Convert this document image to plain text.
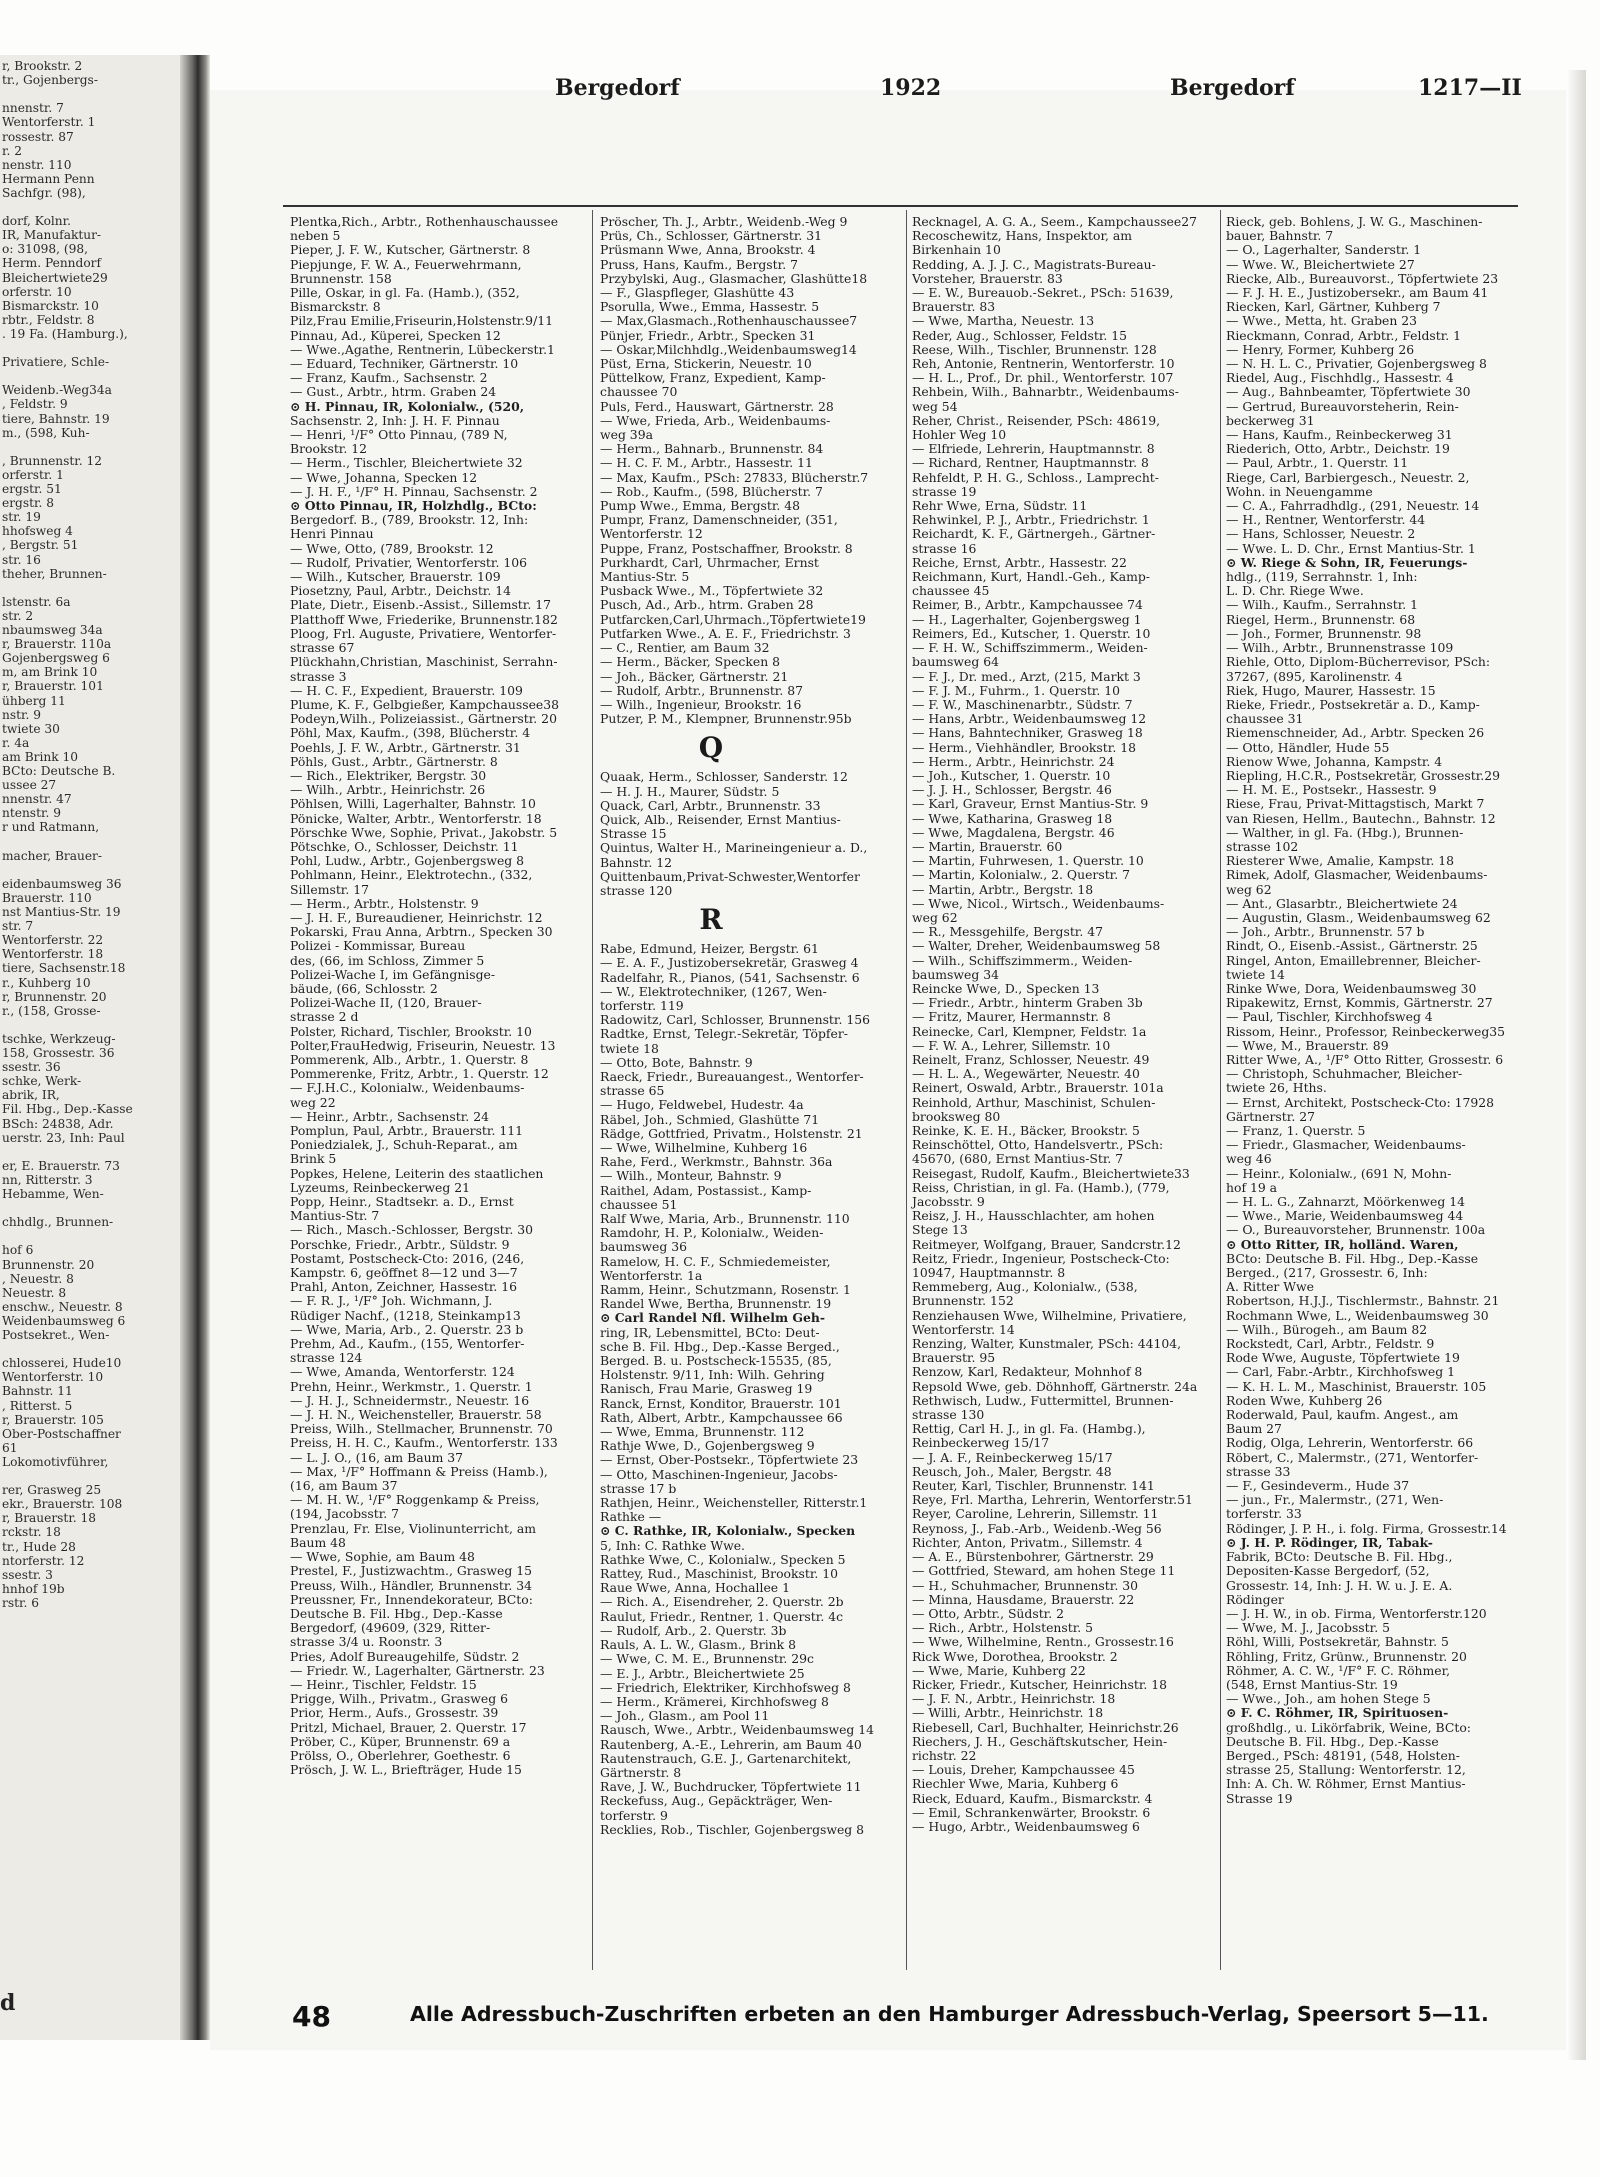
r, Brookstr. 2
tr., Gojenbergs-
nnenstr. 7
Wentorferstr. 1
rossestr. 87
r. 2
nenstr. 110
Hermann Penn
Sachfgr. (98),
dorf, Kolnr.
IR, Manufaktur-
o: 31098, (98,
Herm. Penndorf
Bleichertwiete29
orferstr. 10
Bismarckstr. 10
rbtr., Feldstr. 8
. 19 Fa. (Hamburg.),
Privatiere, Schle-
Weidenb.-Weg34a
, Feldstr. 9
tiere, Bahnstr. 19
m., (598, Kuh-
, Brunnenstr. 12
orferstr. 1
ergstr. 51
ergstr. 8
str. 19
hhofsweg 4
, Bergstr. 51
str. 16
theher, Brunnen-
lstenstr. 6a
str. 2
nbaumsweg 34a
r, Brauerstr. 110a
Gojenbergsweg 6
m, am Brink 10
r, Brauerstr. 101
ühberg 11
nstr. 9
twiete 30
r. 4a
am Brink 10
BCto: Deutsche B.
ussee 27
nnenstr. 47
ntenstr. 9
r und Ratmann,
macher, Brauer-
eidenbaumsweg 36
Brauerstr. 110
nst Mantius-Str. 19
str. 7
Wentorferstr. 22
Wentorferstr. 18
tiere, Sachsenstr.18
r., Kuhberg 10
r, Brunnenstr. 20
r., (158, Grosse-
tschke, Werkzeug-
158, Grossestr. 36
ssestr. 36
schke, Werk-
abrik, IR,
Fil. Hbg., Dep.-Kasse
BSch: 24838, Adr.
uerstr. 23, Inh: Paul
er, E. Brauerstr. 73
nn, Ritterstr. 3
Hebamme, Wen-
chhdlg., Brunnen-
hof 6
Brunnenstr. 20
, Neuestr. 8
Neuestr. 8
enschw., Neuestr. 8
Weidenbaumsweg 6
Postsekret., Wen-
chlosserei, Hude10
Wentorferstr. 10
Bahnstr. 11
, Ritterst. 5
r, Brauerstr. 105
Ober-Postschaffner
61
Lokomotivführer,
rer, Grasweg 25
ekr., Brauerstr. 108
r, Brauerstr. 18
rckstr. 18
tr., Hude 28
ntorferstr. 12
ssestr. 3
hnhof 19b
rstr. 6
Bergedorf	1922	Bergedorf	1217—II
Plentka,Rich., Arbtr., Rothenhauschaussee
neben 5
Pieper, J. F. W., Kutscher, Gärtnerstr. 8
Piepjunge, F. W. A., Feuerwehrmann,
Brunnenstr. 158
Pille, Oskar, in gl. Fa. (Hamb.), (352,
Bismarckstr. 8
Pilz,Frau Emilie,Friseurin,Holstenstr.9/11
Pinnau, Ad., Küperei, Specken 12
— Wwe.,Agathe, Rentnerin, Lübeckerstr.1
— Eduard, Techniker, Gärtnerstr. 10
— Franz, Kaufm., Sachsenstr. 2
— Gust., Arbtr., htrm. Graben 24
⊙ H. Pinnau, IR, Kolonialw., (520,
Sachsenstr. 2, Inh: J. H. F. Pinnau
— Henri, ¹/F° Otto Pinnau, (789 N,
Brookstr. 12
— Herm., Tischler, Bleichertwiete 32
— Wwe, Johanna, Specken 12
— J. H. F., ¹/F° H. Pinnau, Sachsenstr. 2
⊙ Otto Pinnau, IR, Holzhdlg., BCto:
Bergedorf. B., (789, Brookstr. 12, Inh:
Henri Pinnau
— Wwe, Otto, (789, Brookstr. 12
— Rudolf, Privatier, Wentorferstr. 106
— Wilh., Kutscher, Brauerstr. 109
Piosetzny, Paul, Arbtr., Deichstr. 14
Plate, Dietr., Eisenb.-Assist., Sillemstr. 17
Platthoff Wwe, Friederike, Brunnenstr.182
Ploog, Frl. Auguste, Privatiere, Wentorfer-
strasse 67
Plückhahn,Christian, Maschinist, Serrahn-
strasse 3
— H. C. F., Expedient, Brauerstr. 109
Plume, K. F., Gelbgießer, Kampchaussee38
Podeyn,Wilh., Polizeiassist., Gärtnerstr. 20
Pöhl, Max, Kaufm., (398, Blücherstr. 4
Poehls, J. F. W., Arbtr., Gärtnerstr. 31
Pöhls, Gust., Arbtr., Gärtnerstr. 8
— Rich., Elektriker, Bergstr. 30
— Wilh., Arbtr., Heinrichstr. 26
Pöhlsen, Willi, Lagerhalter, Bahnstr. 10
Pönicke, Walter, Arbtr., Wentorferstr. 18
Pörschke Wwe, Sophie, Privat., Jakobstr. 5
Pötschke, O., Schlosser, Deichstr. 11
Pohl, Ludw., Arbtr., Gojenbergsweg 8
Pohlmann, Heinr., Elektrotechn., (332,
Sillemstr. 17
— Herm., Arbtr., Holstenstr. 9
— J. H. F., Bureaudiener, Heinrichstr. 12
Pokarski, Frau Anna, Arbtrn., Specken 30
Polizei - Kommissar, Bureau
des, (66, im Schloss, Zimmer 5
Polizei-Wache I, im Gefängnisge-
bäude, (66, Schlosstr. 2
Polizei-Wache II, (120, Brauer-
strasse 2 d
Polster, Richard, Tischler, Brookstr. 10
Polter,FrauHedwig, Friseurin, Neuestr. 13
Pommerenk, Alb., Arbtr., 1. Querstr. 8
Pommerenke, Fritz, Arbtr., 1. Querstr. 12
— F.J.H.C., Kolonialw., Weidenbaums-
weg 22
— Heinr., Arbtr., Sachsenstr. 24
Pomplun, Paul, Arbtr., Brauerstr. 111
Poniedzialek, J., Schuh-Reparat., am
Brink 5
Popkes, Helene, Leiterin des staatlichen
Lyzeums, Reinbeckerweg 21
Popp, Heinr., Stadtsekr. a. D., Ernst
Mantius-Str. 7
— Rich., Masch.-Schlosser, Bergstr. 30
Porschke, Friedr., Arbtr., Süldstr. 9
Postamt, Postscheck-Cto: 2016, (246,
Kampstr. 6, geöffnet 8—12 und 3—7
Prahl, Anton, Zeichner, Hassestr. 16
— F. R. J., ¹/F° Joh. Wichmann, J.
Rüdiger Nachf., (1218, Steinkamp13
— Wwe, Maria, Arb., 2. Querstr. 23 b
Prehm, Ad., Kaufm., (155, Wentorfer-
strasse 124
— Wwe, Amanda, Wentorferstr. 124
Prehn, Heinr., Werkmstr., 1. Querstr. 1
— J. H. J., Schneidermstr., Neuestr. 16
— J. H. N., Weichensteller, Brauerstr. 58
Preiss, Wilh., Stellmacher, Brunnenstr. 70
Preiss, H. H. C., Kaufm., Wentorferstr. 133
— L. J. O., (16, am Baum 37
— Max, ¹/F° Hoffmann & Preiss (Hamb.),
(16, am Baum 37
— M. H. W., ¹/F° Roggenkamp & Preiss,
(194, Jacobsstr. 7
Prenzlau, Fr. Else, Violinunterricht, am
Baum 48
— Wwe, Sophie, am Baum 48
Prestel, F., Justizwachtm., Grasweg 15
Preuss, Wilh., Händler, Brunnenstr. 34
Preussner, Fr., Innendekorateur, BCto:
Deutsche B. Fil. Hbg., Dep.-Kasse
Bergedorf, (49609, (329, Ritter-
strasse 3/4 u. Roonstr. 3
Pries, Adolf Bureaugehilfe, Südstr. 2
— Friedr. W., Lagerhalter, Gärtnerstr. 23
— Heinr., Tischler, Feldstr. 15
Prigge, Wilh., Privatm., Grasweg 6
Prior, Herm., Aufs., Grossestr. 39
Pritzl, Michael, Brauer, 2. Querstr. 17
Pröber, C., Küper, Brunnenstr. 69 a
Prölss, O., Oberlehrer, Goethestr. 6
Prösch, J. W. L., Briefträger, Hude 15
Pröscher, Th. J., Arbtr., Weidenb.-Weg 9
Prüs, Ch., Schlosser, Gärtnerstr. 31
Prüsmann Wwe, Anna, Brookstr. 4
Pruss, Hans, Kaufm., Bergstr. 7
Przybylski, Aug., Glasmacher, Glashütte18
— F., Glaspfleger, Glashütte 43
Psorulla, Wwe., Emma, Hassestr. 5
— Max,Glasmach.,Rothenhauschaussee7
Pünjer, Friedr., Arbtr., Specken 31
— Oskar,Milchhdlg.,Weidenbaumsweg14
Püst, Erna, Stickerin, Neuestr. 10
Püttelkow, Franz, Expedient, Kamp-
chaussee 70
Puls, Ferd., Hauswart, Gärtnerstr. 28
— Wwe, Frieda, Arb., Weidenbaums-
weg 39a
— Herm., Bahnarb., Brunnenstr. 84
— H. C. F. M., Arbtr., Hassestr. 11
— Max, Kaufm., PSch: 27833, Blücherstr.7
— Rob., Kaufm., (598, Blücherstr. 7
Pump Wwe., Emma, Bergstr. 48
Pumpr, Franz, Damenschneider, (351,
Wentorferstr. 12
Puppe, Franz, Postschaffner, Brookstr. 8
Purkhardt, Carl, Uhrmacher, Ernst
Mantius-Str. 5
Pusback Wwe., M., Töpfertwiete 32
Pusch, Ad., Arb., htrm. Graben 28
Putfarcken,Carl,Uhrmach.,Töpfertwiete19
Putfarken Wwe., A. E. F., Friedrichstr. 3
— C., Rentier, am Baum 32
— Herm., Bäcker, Specken 8
— Joh., Bäcker, Gärtnerstr. 21
— Rudolf, Arbtr., Brunnenstr. 87
— Wilh., Ingenieur, Brookstr. 16
Putzer, P. M., Klempner, Brunnenstr.95b
Q
Quaak, Herm., Schlosser, Sanderstr. 12
— H. J. H., Maurer, Südstr. 5
Quack, Carl, Arbtr., Brunnenstr. 33
Quick, Alb., Reisender, Ernst Mantius-
Strasse 15
Quintus, Walter H., Marineingenieur a. D.,
Bahnstr. 12
Quittenbaum,Privat-Schwester,Wentorfer
strasse 120
R
Rabe, Edmund, Heizer, Bergstr. 61
— E. A. F., Justizobersekretär, Grasweg 4
Radelfahr, R., Pianos, (541, Sachsenstr. 6
— W., Elektrotechniker, (1267, Wen-
torferstr. 119
Radowitz, Carl, Schlosser, Brunnenstr. 156
Radtke, Ernst, Telegr.-Sekretär, Töpfer-
twiete 18
— Otto, Bote, Bahnstr. 9
Raeck, Friedr., Bureauangest., Wentorfer-
strasse 65
— Hugo, Feldwebel, Hudestr. 4a
Räbel, Joh., Schmied, Glashütte 71
Rädge, Gottfried, Privatm., Holstenstr. 21
— Wwe, Wilhelmine, Kuhberg 16
Rahe, Ferd., Werkmstr., Bahnstr. 36a
— Wilh., Monteur, Bahnstr. 9
Raithel, Adam, Postassist., Kamp-
chaussee 51
Ralf Wwe, Maria, Arb., Brunnenstr. 110
Ramdohr, H. P., Kolonialw., Weiden-
baumsweg 36
Ramelow, H. C. F., Schmiedemeister,
Wentorferstr. 1a
Ramm, Heinr., Schutzmann, Rosenstr. 1
Randel Wwe, Bertha, Brunnenstr. 19
⊙ Carl Randel Nfl. Wilhelm Geh-
ring, IR, Lebensmittel, BCto: Deut-
sche B. Fil. Hbg., Dep.-Kasse Berged.,
Berged. B. u. Postscheck-15535, (85,
Holstenstr. 9/11, Inh: Wilh. Gehring
Ranisch, Frau Marie, Grasweg 19
Ranck, Ernst, Konditor, Brauerstr. 101
Rath, Albert, Arbtr., Kampchaussee 66
— Wwe, Emma, Brunnenstr. 112
Rathje Wwe, D., Gojenbergsweg 9
— Ernst, Ober-Postsekr., Töpfertwiete 23
— Otto, Maschinen-Ingenieur, Jacobs-
strasse 17 b
Rathjen, Heinr., Weichensteller, Ritterstr.1
Rathke —
⊙ C. Rathke, IR, Kolonialw., Specken
5, Inh: C. Rathke Wwe.
Rathke Wwe, C., Kolonialw., Specken 5
Rattey, Rud., Maschinist, Brookstr. 10
Raue Wwe, Anna, Hochallee 1
— Rich. A., Eisendreher, 2. Querstr. 2b
Raulut, Friedr., Rentner, 1. Querstr. 4c
— Rudolf, Arb., 2. Querstr. 3b
Rauls, A. L. W., Glasm., Brink 8
— Wwe, C. M. E., Brunnenstr. 29c
— E. J., Arbtr., Bleichertwiete 25
— Friedrich, Elektriker, Kirchhofsweg 8
— Herm., Krämerei, Kirchhofsweg 8
— Joh., Glasm., am Pool 11
Rausch, Wwe., Arbtr., Weidenbaumsweg 14
Rautenberg, A.-E., Lehrerin, am Baum 40
Rautenstrauch, G.E. J., Gartenarchitekt,
Gärtnerstr. 8
Rave, J. W., Buchdrucker, Töpfertwiete 11
Reckefuss, Aug., Gepäckträger, Wen-
torferstr. 9
Recklies, Rob., Tischler, Gojenbergsweg 8
Recknagel, A. G. A., Seem., Kampchaussee27
Recoschewitz, Hans, Inspektor, am
Birkenhain 10
Redding, A. J. J. C., Magistrats-Bureau-
Vorsteher, Brauerstr. 83
— E. W., Bureauob.-Sekret., PSch: 51639,
Brauerstr. 83
— Wwe, Martha, Neuestr. 13
Reder, Aug., Schlosser, Feldstr. 15
Reese, Wilh., Tischler, Brunnenstr. 128
Reh, Antonie, Rentnerin, Wentorferstr. 10
— H. L., Prof., Dr. phil., Wentorferstr. 107
Rehbein, Wilh., Bahnarbtr., Weidenbaums-
weg 54
Reher, Christ., Reisender, PSch: 48619,
Hohler Weg 10
— Elfriede, Lehrerin, Hauptmannstr. 8
— Richard, Rentner, Hauptmannstr. 8
Rehfeldt, P. H. G., Schloss., Lamprecht-
strasse 19
Rehr Wwe, Erna, Südstr. 11
Rehwinkel, P. J., Arbtr., Friedrichstr. 1
Reichardt, K. F., Gärtnergeh., Gärtner-
strasse 16
Reiche, Ernst, Arbtr., Hassestr. 22
Reichmann, Kurt, Handl.-Geh., Kamp-
chaussee 45
Reimer, B., Arbtr., Kampchaussee 74
— H., Lagerhalter, Gojenbergsweg 1
Reimers, Ed., Kutscher, 1. Querstr. 10
— F. H. W., Schiffszimmerm., Weiden-
baumsweg 64
— F. J., Dr. med., Arzt, (215, Markt 3
— F. J. M., Fuhrm., 1. Querstr. 10
— F. W., Maschinenarbtr., Südstr. 7
— Hans, Arbtr., Weidenbaumsweg 12
— Hans, Bahntechniker, Grasweg 18
— Herm., Viehhändler, Brookstr. 18
— Herm., Arbtr., Heinrichstr. 24
— Joh., Kutscher, 1. Querstr. 10
— J. J. H., Schlosser, Bergstr. 46
— Karl, Graveur, Ernst Mantius-Str. 9
— Wwe, Katharina, Grasweg 18
— Wwe, Magdalena, Bergstr. 46
— Martin, Brauerstr. 60
— Martin, Fuhrwesen, 1. Querstr. 10
— Martin, Kolonialw., 2. Querstr. 7
— Martin, Arbtr., Bergstr. 18
— Wwe, Nicol., Wirtsch., Weidenbaums-
weg 62
— R., Messgehilfe, Bergstr. 47
— Walter, Dreher, Weidenbaumsweg 58
— Wilh., Schiffszimmerm., Weiden-
baumsweg 34
Reincke Wwe, D., Specken 13
— Friedr., Arbtr., hinterm Graben 3b
— Fritz, Maurer, Hermannstr. 8
Reinecke, Carl, Klempner, Feldstr. 1a
— F. W. A., Lehrer, Sillemstr. 10
Reinelt, Franz, Schlosser, Neuestr. 49
— H. L. A., Wegewärter, Neuestr. 40
Reinert, Oswald, Arbtr., Brauerstr. 101a
Reinhold, Arthur, Maschinist, Schulen-
brooksweg 80
Reinke, K. E. H., Bäcker, Brookstr. 5
Reinschöttel, Otto, Handelsvertr., PSch:
45670, (680, Ernst Mantius-Str. 7
Reisegast, Rudolf, Kaufm., Bleichertwiete33
Reiss, Christian, in gl. Fa. (Hamb.), (779,
Jacobsstr. 9
Reisz, J. H., Hausschlachter, am hohen
Stege 13
Reitmeyer, Wolfgang, Brauer, Sandcrstr.12
Reitz, Friedr., Ingenieur, Postscheck-Cto:
10947, Hauptmannstr. 8
Remmeberg, Aug., Kolonialw., (538,
Brunnenstr. 152
Renziehausen Wwe, Wilhelmine, Privatiere,
Wentorferstr. 14
Renzing, Walter, Kunstmaler, PSch: 44104,
Brauerstr. 95
Renzow, Karl, Redakteur, Mohnhof 8
Repsold Wwe, geb. Döhnhoff, Gärtnerstr. 24a
Rethwisch, Ludw., Futtermittel, Brunnen-
strasse 130
Rettig, Carl H. J., in gl. Fa. (Hambg.),
Reinbeckerweg 15/17
— J. A. F., Reinbeckerweg 15/17
Reusch, Joh., Maler, Bergstr. 48
Reuter, Karl, Tischler, Brunnenstr. 141
Reye, Frl. Martha, Lehrerin, Wentorferstr.51
Reyer, Caroline, Lehrerin, Sillemstr. 11
Reynoss, J., Fab.-Arb., Weidenb.-Weg 56
Richter, Anton, Privatm., Sillemstr. 4
— A. E., Bürstenbohrer, Gärtnerstr. 29
— Gottfried, Steward, am hohen Stege 11
— H., Schuhmacher, Brunnenstr. 30
— Minna, Hausdame, Brauerstr. 22
— Otto, Arbtr., Südstr. 2
— Rich., Arbtr., Holstenstr. 5
— Wwe, Wilhelmine, Rentn., Grossestr.16
Rick Wwe, Dorothea, Brookstr. 2
— Wwe, Marie, Kuhberg 22
Ricker, Friedr., Kutscher, Heinrichstr. 18
— J. F. N., Arbtr., Heinrichstr. 18
— Willi, Arbtr., Heinrichstr. 18
Riebesell, Carl, Buchhalter, Heinrichstr.26
Riechers, J. H., Geschäftskutscher, Hein-
richstr. 22
— Louis, Dreher, Kampchaussee 45
Riechler Wwe, Maria, Kuhberg 6
Rieck, Eduard, Kaufm., Bismarckstr. 4
— Emil, Schrankenwärter, Brookstr. 6
— Hugo, Arbtr., Weidenbaumsweg 6
Rieck, geb. Bohlens, J. W. G., Maschinen-
bauer, Bahnstr. 7
— O., Lagerhalter, Sanderstr. 1
— Wwe. W., Bleichertwiete 27
Riecke, Alb., Bureauvorst., Töpfertwiete 23
— F. J. H. E., Justizobersekr., am Baum 41
Riecken, Karl, Gärtner, Kuhberg 7
— Wwe., Metta, ht. Graben 23
Rieckmann, Conrad, Arbtr., Feldstr. 1
— Henry, Former, Kuhberg 26
— N. H. L. C., Privatier, Gojenbergsweg 8
Riedel, Aug., Fischhdlg., Hassestr. 4
— Aug., Bahnbeamter, Töpfertwiete 30
— Gertrud, Bureauvorsteherin, Rein-
beckerweg 31
— Hans, Kaufm., Reinbeckerweg 31
Riederich, Otto, Arbtr., Deichstr. 19
— Paul, Arbtr., 1. Querstr. 11
Riege, Carl, Barbiergesch., Neuestr. 2,
Wohn. in Neuengamme
— C. A., Fahrradhdlg., (291, Neuestr. 14
— H., Rentner, Wentorferstr. 44
— Hans, Schlosser, Neuestr. 2
— Wwe. L. D. Chr., Ernst Mantius-Str. 1
⊙ W. Riege & Sohn, IR, Feuerungs-
hdlg., (119, Serrahnstr. 1, Inh:
L. D. Chr. Riege Wwe.
— Wilh., Kaufm., Serrahnstr. 1
Riegel, Herm., Brunnenstr. 68
— Joh., Former, Brunnenstr. 98
— Wilh., Arbtr., Brunnenstrasse 109
Riehle, Otto, Diplom-Bücherrevisor, PSch:
37267, (895, Karolinenstr. 4
Riek, Hugo, Maurer, Hassestr. 15
Rieke, Friedr., Postsekretär a. D., Kamp-
chaussee 31
Riemenschneider, Ad., Arbtr. Specken 26
— Otto, Händler, Hude 55
Rienow Wwe, Johanna, Kampstr. 4
Riepling, H.C.R., Postsekretär, Grossestr.29
— H. M. E., Postsekr., Hassestr. 9
Riese, Frau, Privat-Mittagstisch, Markt 7
van Riesen, Hellm., Bautechn., Bahnstr. 12
— Walther, in gl. Fa. (Hbg.), Brunnen-
strasse 102
Riesterer Wwe, Amalie, Kampstr. 18
Rimek, Adolf, Glasmacher, Weidenbaums-
weg 62
— Ant., Glasarbtr., Bleichertwiete 24
— Augustin, Glasm., Weidenbaumsweg 62
— Joh., Arbtr., Brunnenstr. 57 b
Rindt, O., Eisenb.-Assist., Gärtnerstr. 25
Ringel, Anton, Emaillebrenner, Bleicher-
twiete 14
Rinke Wwe, Dora, Weidenbaumsweg 30
Ripakewitz, Ernst, Kommis, Gärtnerstr. 27
— Paul, Tischler, Kirchhofsweg 4
Rissom, Heinr., Professor, Reinbeckerweg35
— Wwe, M., Brauerstr. 89
Ritter Wwe, A., ¹/F° Otto Ritter, Grossestr. 6
— Christoph, Schuhmacher, Bleicher-
twiete 26, Hths.
— Ernst, Architekt, Postscheck-Cto: 17928
Gärtnerstr. 27
— Franz, 1. Querstr. 5
— Friedr., Glasmacher, Weidenbaums-
weg 46
— Heinr., Kolonialw., (691 N, Mohn-
hof 19 a
— H. L. G., Zahnarzt, Möörkenweg 14
— Wwe., Marie, Weidenbaumsweg 44
— O., Bureauvorsteher, Brunnenstr. 100a
⊙ Otto Ritter, IR, holländ. Waren,
BCto: Deutsche B. Fil. Hbg., Dep.-Kasse
Berged., (217, Grossestr. 6, Inh:
A. Ritter Wwe
Robertson, H.J.J., Tischlermstr., Bahnstr. 21
Rochmann Wwe, L., Weidenbaumsweg 30
— Wilh., Bürogeh., am Baum 82
Rockstedt, Carl, Arbtr., Feldstr. 9
Rode Wwe, Auguste, Töpfertwiete 19
— Carl, Fabr.-Arbtr., Kirchhofsweg 1
— K. H. L. M., Maschinist, Brauerstr. 105
Roden Wwe, Kuhberg 26
Roderwald, Paul, kaufm. Angest., am
Baum 27
Rodig, Olga, Lehrerin, Wentorferstr. 66
Röbert, C., Malermstr., (271, Wentorfer-
strasse 33
— F., Gesindeverm., Hude 37
— jun., Fr., Malermstr., (271, Wen-
torferstr. 33
Rödinger, J. P. H., i. folg. Firma, Grossestr.14
⊙ J. H. P. Rödinger, IR, Tabak-
Fabrik, BCto: Deutsche B. Fil. Hbg.,
Depositen-Kasse Bergedorf, (52,
Grossestr. 14, Inh: J. H. W. u. J. E. A.
Rödinger
— J. H. W., in ob. Firma, Wentorferstr.120
— Wwe, M. J., Jacobsstr. 5
Röhl, Willi, Postsekretär, Bahnstr. 5
Röhling, Fritz, Grünw., Brunnenstr. 20
Röhmer, A. C. W., ¹/F° F. C. Röhmer,
(548, Ernst Mantius-Str. 19
— Wwe., Joh., am hohen Stege 5
⊙ F. C. Röhmer, IR, Spirituosen-
großhdlg., u. Likörfabrik, Weine, BCto:
Deutsche B. Fil. Hbg., Dep.-Kasse
Berged., PSch: 48191, (548, Holsten-
strasse 25, Stallung: Wentorferstr. 12,
Inh: A. Ch. W. Röhmer, Ernst Mantius-
Strasse 19
48	Alle Adressbuch-Zuschriften erbeten an den Hamburger Adressbuch-Verlag, Speersort 5—11.
d
